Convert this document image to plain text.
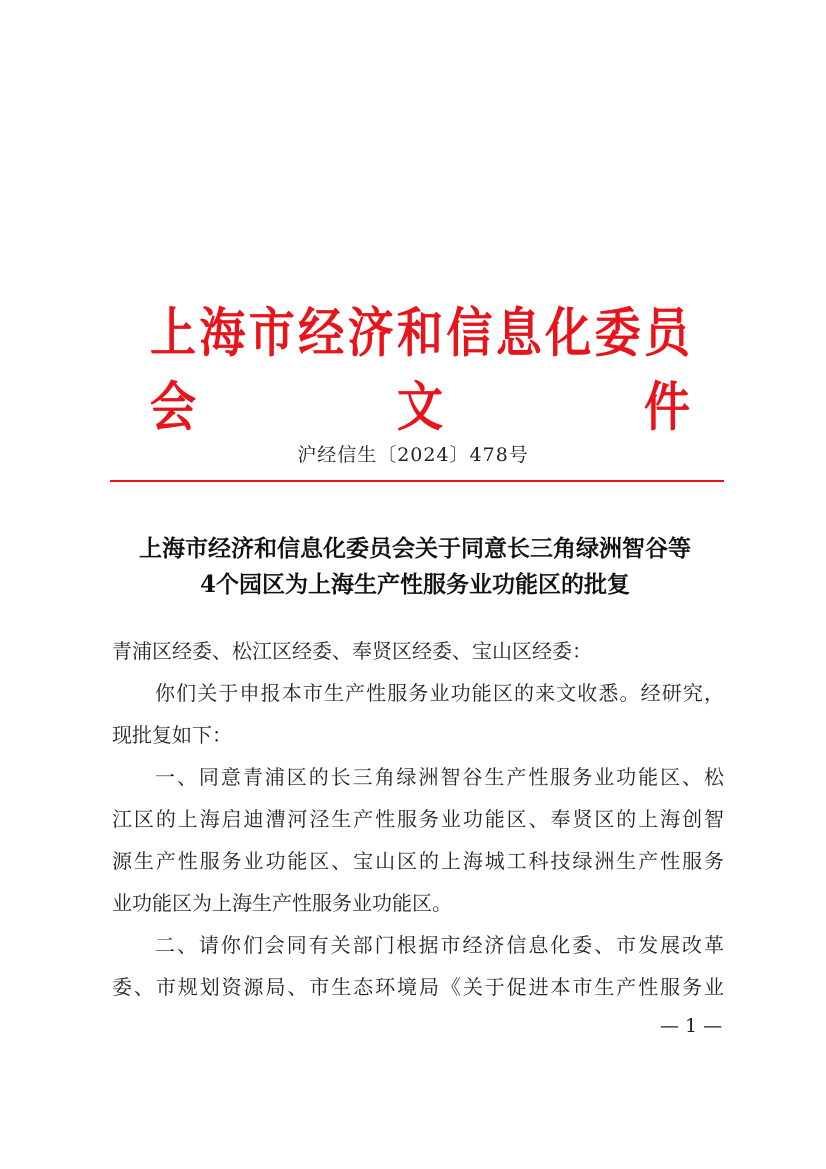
上海市经济和信息化委员会文件
沪经信生〔2024〕478号
上海市经济和信息化委员会关于同意长三角绿洲智谷等
4个园区为上海生产性服务业功能区的批复
青浦区经委、松江区经委、奉贤区经委、宝山区经委：
你们关于申报本市生产性服务业功能区的来文收悉。经研究，
现批复如下：
一、同意青浦区的长三角绿洲智谷生产性服务业功能区、松
江区的上海启迪漕河泾生产性服务业功能区、奉贤区的上海创智
源生产性服务业功能区、宝山区的上海城工科技绿洲生产性服务
业功能区为上海生产性服务业功能区。
二、请你们会同有关部门根据市经济信息化委、市发展改革
委、市规划资源局、市生态环境局《关于促进本市生产性服务业
— 1 —
